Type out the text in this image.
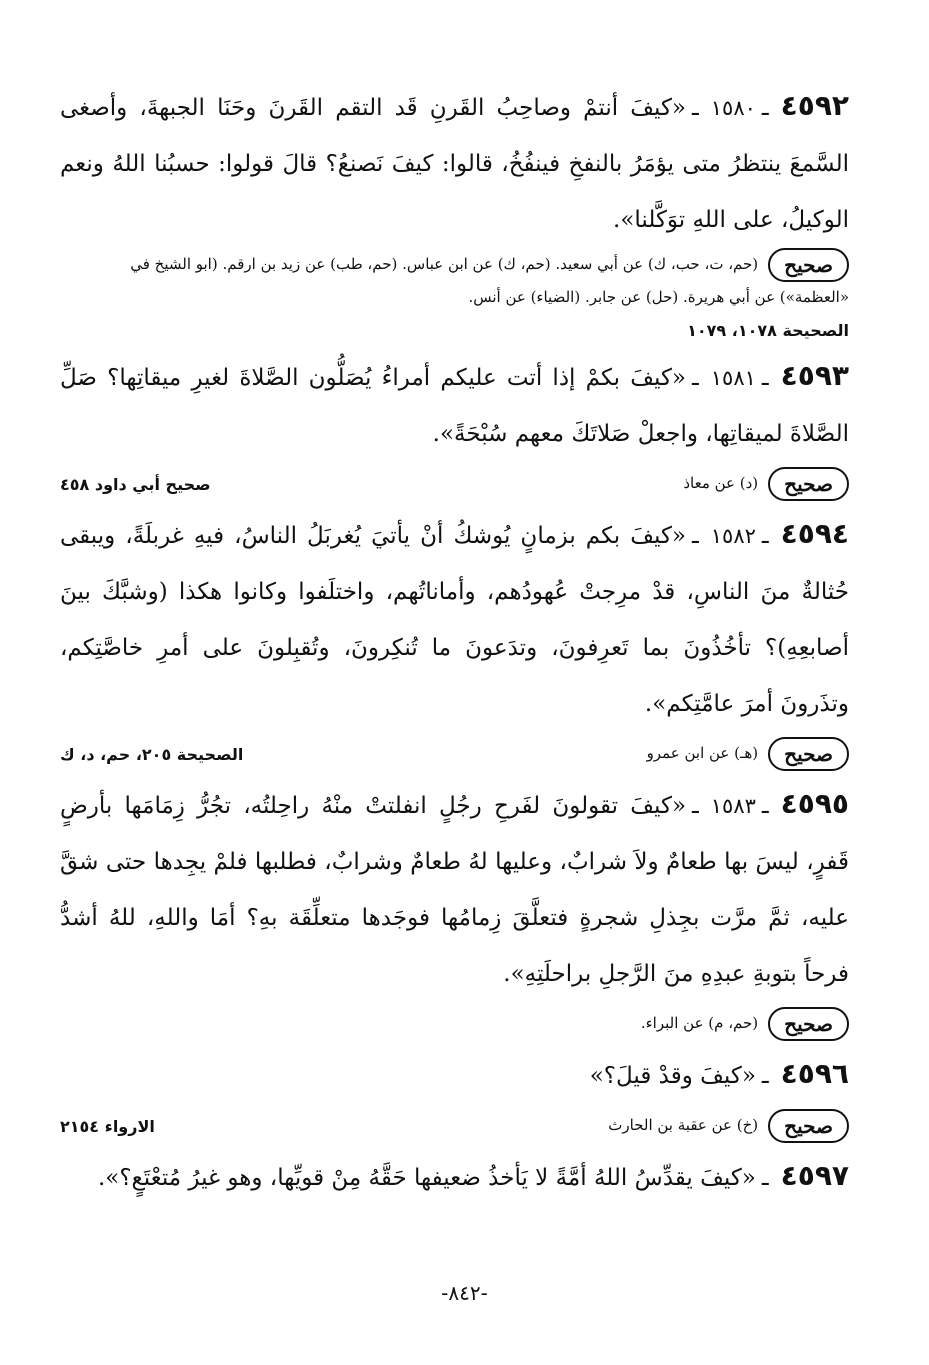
٤٥٩٢ـ١٥٨٠ـ«كيفَ أنتمْ وصاحِبُ القَرنِ قَد التقم القَرنَ وحَنَا الجبهةَ، وأصغى السَّمعَ ينتظرُ متى يؤمَرُ بالنفخِ فينفُخُ، قالوا: كيفَ نَصنعُ؟ قالَ قولوا: حسبُنا اللهُ ونعم الوكيلُ، على اللهِ توَكَّلنا».

صحيح(حم، ت، حب، ك) عن أبي سعيد. (حم، ك) عن ابن عباس. (حم، طب) عن زيد بن ارقم. (ابو الشيخ في «العظمة») عن أبي هريرة. (حل) عن جابر. (الضياء) عن أنس.

الصحيحة ١٠٧٨، ١٠٧٩

٤٥٩٣ـ١٥٨١ـ«كيفَ بكمْ إذا أتت عليكم أمراءُ يُصَلُّون الصَّلاةَ لغيرِ ميقاتِها؟ صَلِّ الصَّلاةَ لميقاتِها، واجعلْ صَلاتَكَ معهم سُبْحَةً».

صحيح(د) عن معاذ
صحيح أبي داود ٤٥٨

٤٥٩٤ـ١٥٨٢ـ«كيفَ بكم بزمانٍ يُوشكُ أنْ يأتيَ يُغربَلُ الناسُ، فيهِ غربلَةً، ويبقى حُثالةٌ منَ الناسِ، قدْ مرِجتْ عُهودُهم، وأماناتُهم، واختلَفوا وكانوا هكذا (وشبَّكَ بينَ أصابعِهِ)؟ تأخُذُونَ بما تَعرِفونَ، وتدَعونَ ما تُنكِرونَ، وتُقبِلونَ على أمرِ خاصَّتِكم، وتذَرونَ أمرَ عامَّتِكم».

صحيح(هـ) عن ابن عمرو
الصحيحة ٢٠٥، حم، د، ك

٤٥٩٥ـ١٥٨٣ـ«كيفَ تقولونَ لفَرحِ رجُلٍ انفلتتْ منْهُ راحِلتُه، تجُرُّ زِمَامَها بأرضٍ قَفرٍ، ليسَ بها طعامٌ ولاَ شرابٌ، وعليها لهُ طعامٌ وشرابٌ، فطلبها فلمْ يجِدها حتى شقَّ عليه، ثمَّ مرَّت بجِذلِ شجرةٍ فتعلَّقَ زِمامُها فوجَدها متعلِّقَة بهِ؟ أمَا واللهِ، للهُ أشدُّ فرحاً بتوبةِ عبدِهِ منَ الرَّجلِ براحلَتِهِ».

صحيح(حم، م) عن البراء.

٤٥٩٦ـ«كيفَ وقدْ قيلَ؟»

صحيح(خ) عن عقبة بن الحارث
الارواء ٢١٥٤

٤٥٩٧ـ«كيفَ يقدِّسُ اللهُ أمَّةً لا يَأخذُ ضعيفها حَقَّهُ مِنْ قويِّها، وهو غيرُ مُتعْتَعٍ؟».

-٨٤٢-
